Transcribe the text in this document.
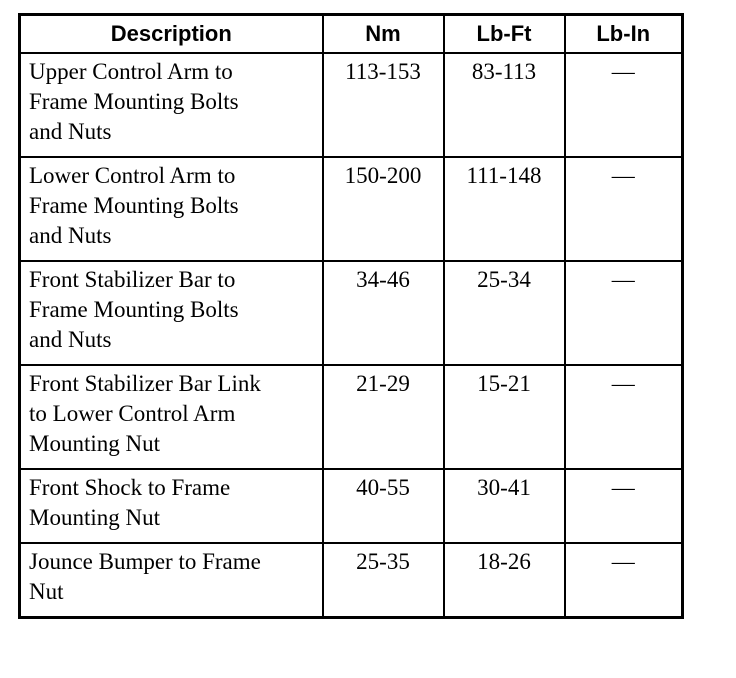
Description	Nm	Lb-Ft	Lb-In

Upper Control Arm to
Frame Mounting Bolts
and Nuts	113-153	83-113	—

Lower Control Arm to
Frame Mounting Bolts
and Nuts	150-200	111-148	—

Front Stabilizer Bar to
Frame Mounting Bolts
and Nuts	34-46	25-34	—

Front Stabilizer Bar Link
to Lower Control Arm
Mounting Nut	21-29	15-21	—

Front Shock to Frame
Mounting Nut	40-55	30-41	—

Jounce Bumper to Frame
Nut	25-35	18-26	—
